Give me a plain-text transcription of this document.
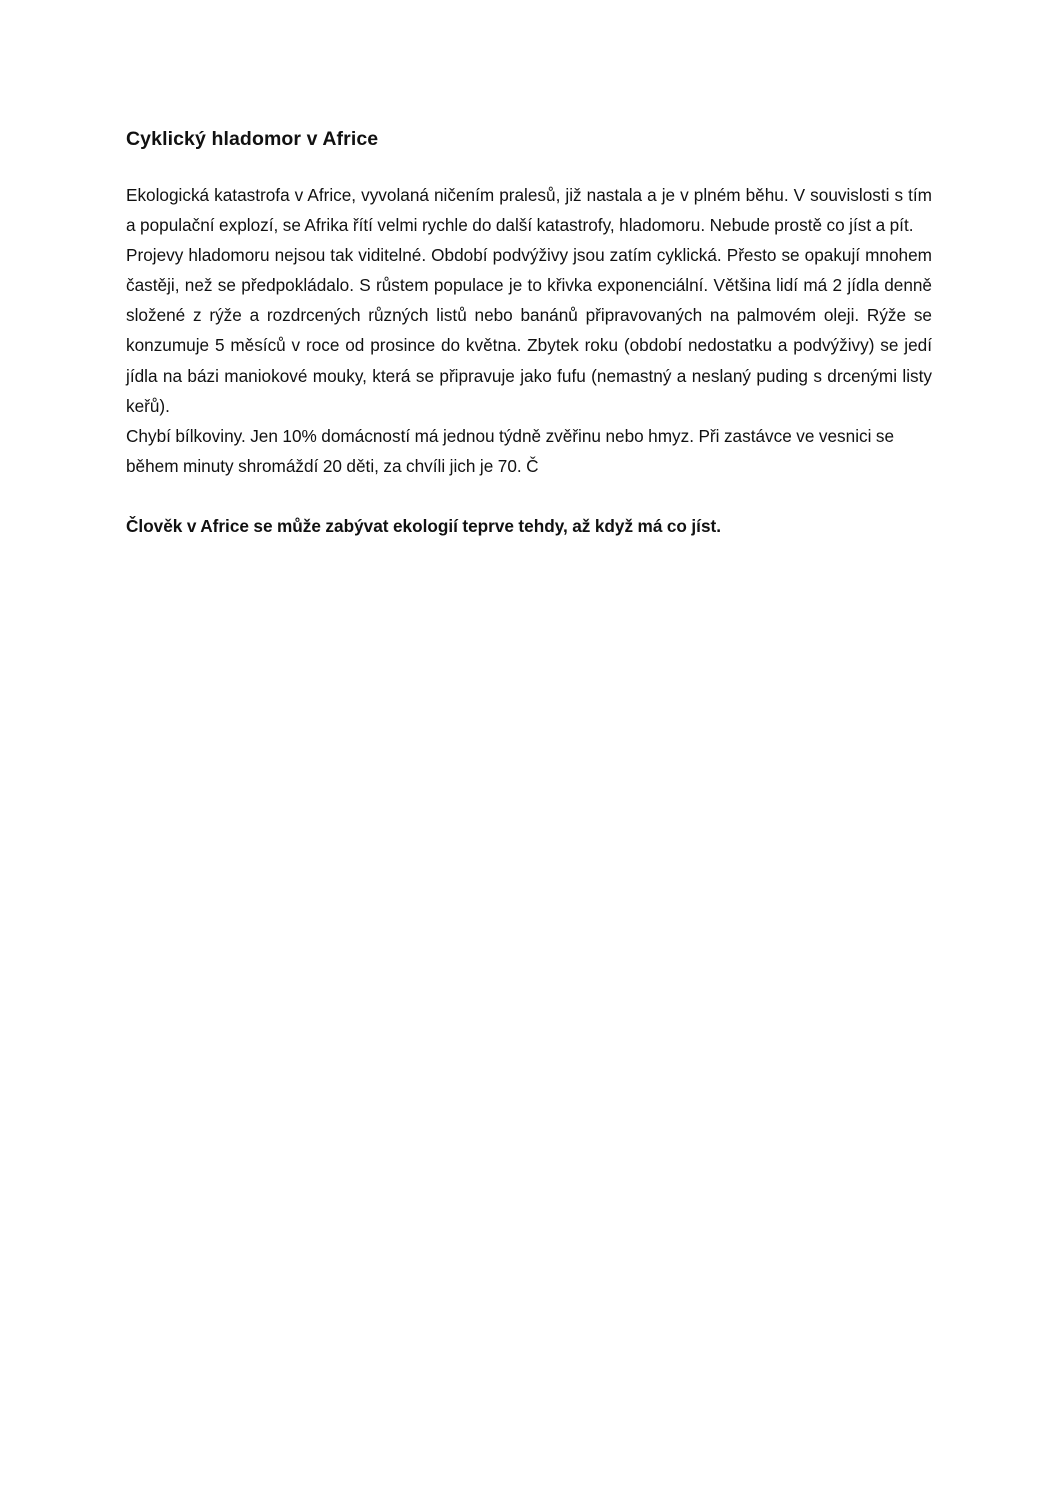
Cyklický hladomor v Africe

Ekologická katastrofa v Africe, vyvolaná ničením pralesů, již nastala a je v plném běhu. V souvislosti s tím a populační explozí, se Afrika řítí velmi rychle do další katastrofy, hladomoru. Nebude prostě co jíst a pít.

Projevy hladomoru nejsou tak viditelné. Období podvýživy jsou zatím cyklická. Přesto se opakují mnohem častěji, než se předpokládalo. S růstem populace je to křivka exponenciální. Většina lidí má 2 jídla denně složené z rýže a rozdrcených různých listů nebo banánů připravovaných na palmovém oleji. Rýže se konzumuje 5 měsíců v roce od prosince do května. Zbytek roku (období nedostatku a podvýživy) se jedí jídla na bázi maniokové mouky, která se připravuje jako fufu (nemastný a neslaný puding s drcenými listy keřů).

Chybí bílkoviny. Jen 10% domácností má jednou týdně zvěřinu nebo hmyz. Při zastávce ve vesnici se během minuty shromáždí 20 děti, za chvíli jich je 70. Č

Člověk v Africe se může zabývat ekologií teprve tehdy, až když má co jíst.
